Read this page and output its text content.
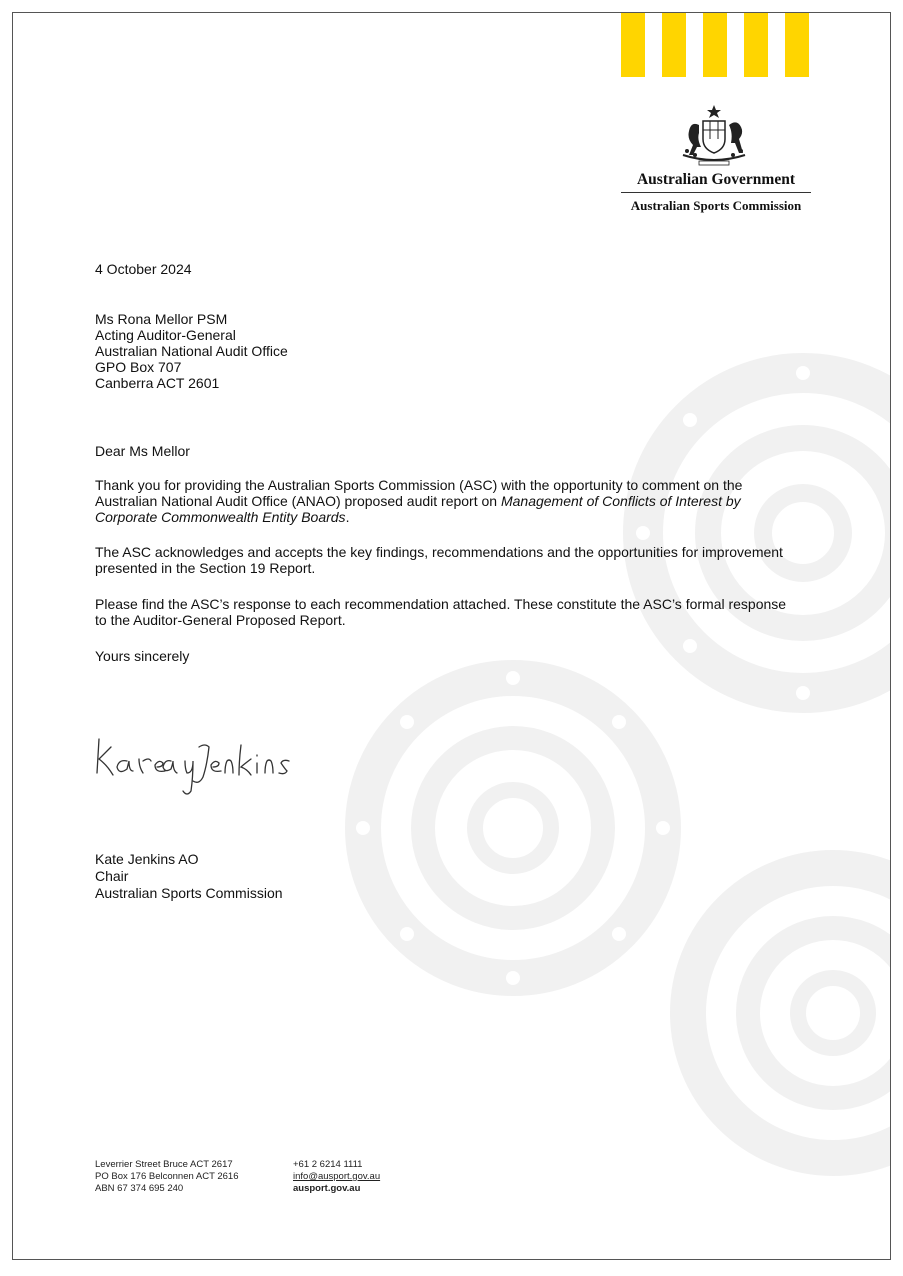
Australian Government
Australian Sports Commission
4 October 2024
Ms Rona Mellor PSM
Acting Auditor-General
Australian National Audit Office
GPO Box 707
Canberra ACT 2601
Dear Ms Mellor
Thank you for providing the Australian Sports Commission (ASC) with the opportunity to comment on the Australian National Audit Office (ANAO) proposed audit report on Management of Conflicts of Interest by Corporate Commonwealth Entity Boards.
The ASC acknowledges and accepts the key findings, recommendations and the opportunities for improvement presented in the Section 19 Report.
Please find the ASC’s response to each recommendation attached. These constitute the ASC’s formal response to the Auditor-General Proposed Report.
Yours sincerely
Kate Jenkins AO
Chair
Australian Sports Commission
Leverrier Street Bruce ACT 2617
PO Box 176 Belconnen ACT 2616
ABN 67 374 695 240
+61 2 6214 1111
info@ausport.gov.au
ausport.gov.au
